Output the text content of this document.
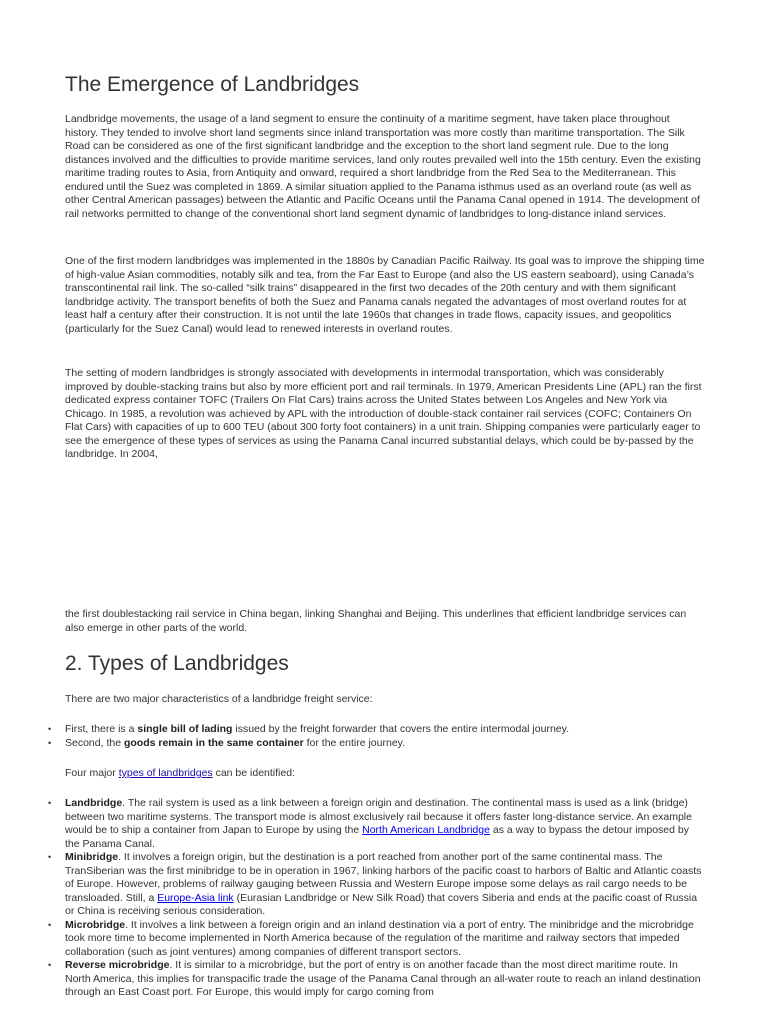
The Emergence of Landbridges

Landbridge movements, the usage of a land segment to ensure the continuity of a maritime segment, have taken place throughout history. They tended to involve short land segments since inland transportation was more costly than maritime transportation. The Silk Road can be considered as one of the first significant landbridge and the exception to the short land segment rule. Due to the long distances involved and the difficulties to provide maritime services, land only routes prevailed well into the 15th century. Even the existing maritime trading routes to Asia, from Antiquity and onward, required a short landbridge from the Red Sea to the Mediterranean. This endured until the Suez was completed in 1869. A similar situation applied to the Panama isthmus used as an overland route (as well as other Central American passages) between the Atlantic and Pacific Oceans until the Panama Canal opened in 1914. The development of rail networks permitted to change of the conventional short land segment dynamic of landbridges to long-distance inland services.

One of the first modern landbridges was implemented in the 1880s by Canadian Pacific Railway. Its goal was to improve the shipping time of high-value Asian commodities, notably silk and tea, from the Far East to Europe (and also the US eastern seaboard), using Canada’s transcontinental rail link. The so-called “silk trains” disappeared in the first two decades of the 20th century and with them significant landbridge activity. The transport benefits of both the Suez and Panama canals negated the advantages of most overland routes for at least half a century after their construction. It is not until the late 1960s that changes in trade flows, capacity issues, and geopolitics (particularly for the Suez Canal) would lead to renewed interests in overland routes.

The setting of modern landbridges is strongly associated with developments in intermodal transportation, which was considerably improved by double-stacking trains but also by more efficient port and rail terminals. In 1979, American Presidents Line (APL) ran the first dedicated express container TOFC (Trailers On Flat Cars) trains across the United States between Los Angeles and New York via Chicago. In 1985, a revolution was achieved by APL with the introduction of double-stack container rail services (COFC; Containers On Flat Cars) with capacities of up to 600 TEU (about 300 forty foot containers) in a unit train. Shipping companies were particularly eager to see the emergence of these types of services as using the Panama Canal incurred substantial delays, which could be by-passed by the landbridge. In 2004,

the first doublestacking rail service in China began, linking Shanghai and Beijing. This underlines that efficient landbridge services can also emerge in other parts of the world.

2. Types of Landbridges

There are two major characteristics of a landbridge freight service:

• First, there is a single bill of lading issued by the freight forwarder that covers the entire intermodal journey.
• Second, the goods remain in the same container for the entire journey.

Four major types of landbridges can be identified:

• Landbridge. The rail system is used as a link between a foreign origin and destination. The continental mass is used as a link (bridge) between two maritime systems. The transport mode is almost exclusively rail because it offers faster long-distance service. An example would be to ship a container from Japan to Europe by using the North American Landbridge as a way to bypass the detour imposed by the Panama Canal.
• Minibridge. It involves a foreign origin, but the destination is a port reached from another port of the same continental mass. The TranSiberian was the first minibridge to be in operation in 1967, linking harbors of the pacific coast to harbors of Baltic and Atlantic coasts of Europe. However, problems of railway gauging between Russia and Western Europe impose some delays as rail cargo needs to be transloaded. Still, a Europe-Asia link (Eurasian Landbridge or New Silk Road) that covers Siberia and ends at the pacific coast of Russia or China is receiving serious consideration.
• Microbridge. It involves a link between a foreign origin and an inland destination via a port of entry. The minibridge and the microbridge took more time to become implemented in North America because of the regulation of the maritime and railway sectors that impeded collaboration (such as joint ventures) among companies of different transport sectors.
• Reverse microbridge. It is similar to a microbridge, but the port of entry is on another facade than the most direct maritime route. In North America, this implies for transpacific trade the usage of the Panama Canal through an all-water route to reach an inland destination through an East Coast port. For Europe, this would imply for cargo coming from
